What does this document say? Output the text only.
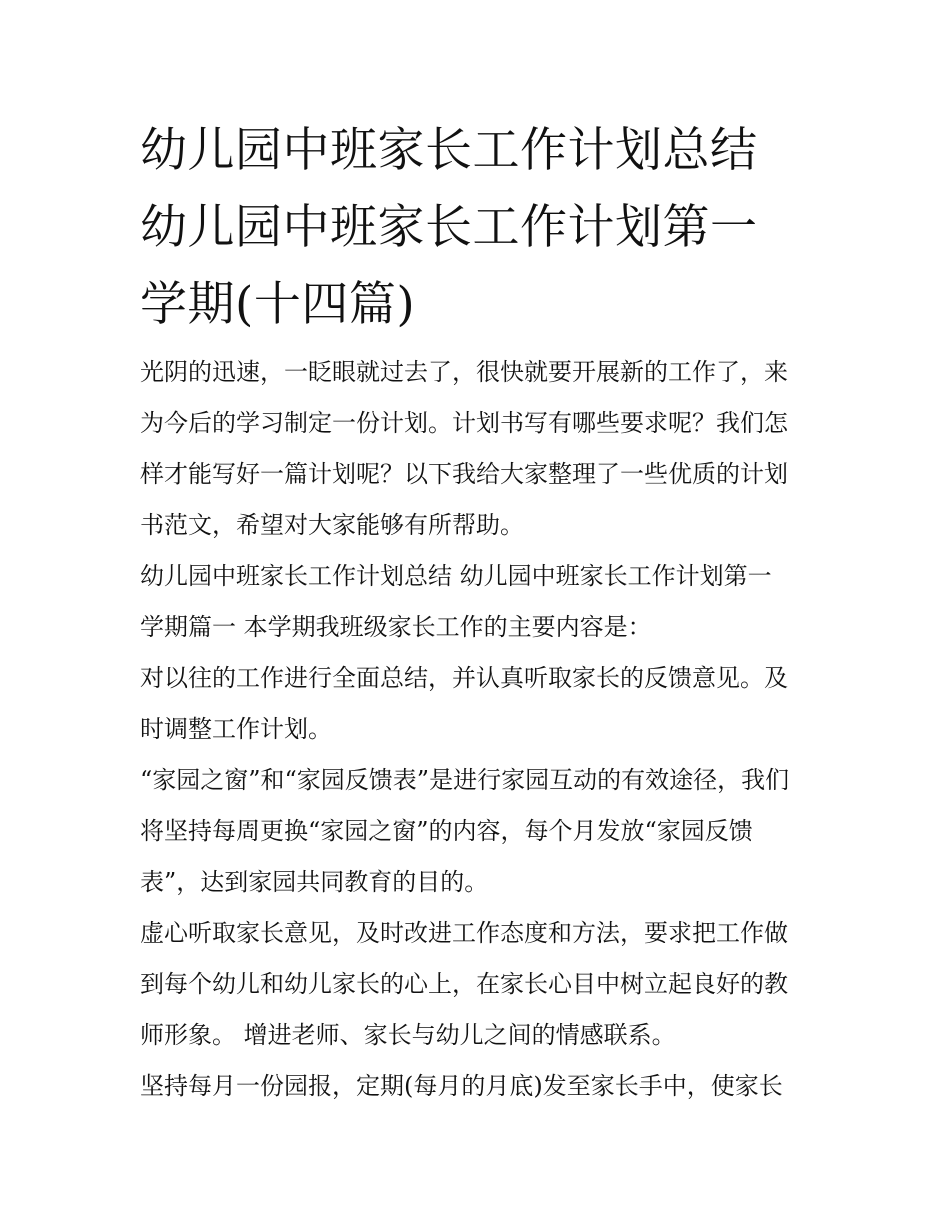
幼儿园中班家长工作计划总结
幼儿园中班家长工作计划第一
学期(十四篇)

光阴的迅速，一眨眼就过去了，很快就要开展新的工作了，来
为今后的学习制定一份计划。计划书写有哪些要求呢？我们怎
样才能写好一篇计划呢？以下我给大家整理了一些优质的计划
书范文，希望对大家能够有所帮助。

幼儿园中班家长工作计划总结 幼儿园中班家长工作计划第一
学期篇一 本学期我班级家长工作的主要内容是：

对以往的工作进行全面总结，并认真听取家长的反馈意见。及
时调整工作计划。

“家园之窗”和“家园反馈表”是进行家园互动的有效途径，我们
将坚持每周更换“家园之窗”的内容，每个月发放“家园反馈
表”，达到家园共同教育的目的。

虚心听取家长意见，及时改进工作态度和方法，要求把工作做
到每个幼儿和幼儿家长的心上，在家长心目中树立起良好的教
师形象。 增进老师、家长与幼儿之间的情感联系。

坚持每月一份园报，定期(每月的月底)发至家长手中，使家长
